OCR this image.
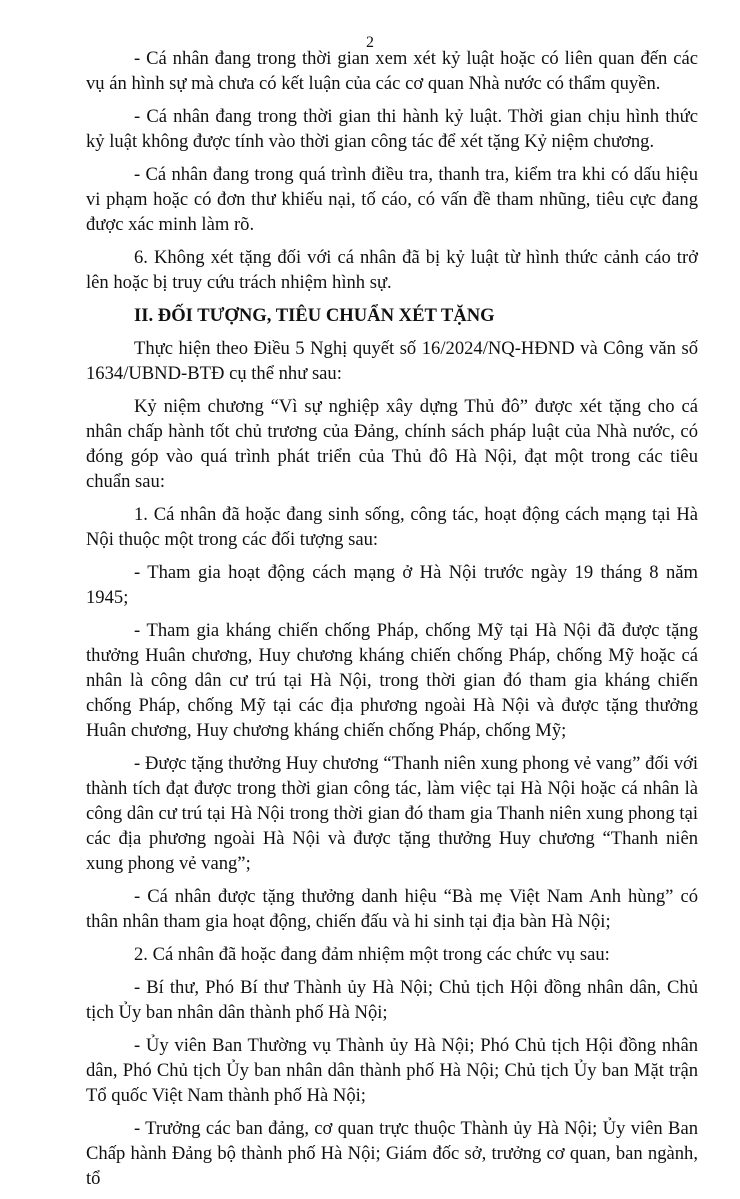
2

- Cá nhân đang trong thời gian xem xét kỷ luật hoặc có liên quan đến các vụ án hình sự mà chưa có kết luận của các cơ quan Nhà nước có thẩm quyền.

- Cá nhân đang trong thời gian thi hành kỷ luật. Thời gian chịu hình thức kỷ luật không được tính vào thời gian công tác để xét tặng Kỷ niệm chương.

- Cá nhân đang trong quá trình điều tra, thanh tra, kiểm tra khi có dấu hiệu vi phạm hoặc có đơn thư khiếu nại, tố cáo, có vấn đề tham nhũng, tiêu cực đang được xác minh làm rõ.

6. Không xét tặng đối với cá nhân đã bị kỷ luật từ hình thức cảnh cáo trở lên hoặc bị truy cứu trách nhiệm hình sự.

II. ĐỐI TƯỢNG, TIÊU CHUẨN XÉT TẶNG

Thực hiện theo Điều 5 Nghị quyết số 16/2024/NQ-HĐND và Công văn số 1634/UBND-BTĐ cụ thể như sau:

Kỷ niệm chương “Vì sự nghiệp xây dựng Thủ đô” được xét tặng cho cá nhân chấp hành tốt chủ trương của Đảng, chính sách pháp luật của Nhà nước, có đóng góp vào quá trình phát triển của Thủ đô Hà Nội, đạt một trong các tiêu chuẩn sau:

1. Cá nhân đã hoặc đang sinh sống, công tác, hoạt động cách mạng tại Hà Nội thuộc một trong các đối tượng sau:

- Tham gia hoạt động cách mạng ở Hà Nội trước ngày 19 tháng 8 năm 1945;

- Tham gia kháng chiến chống Pháp, chống Mỹ tại Hà Nội đã được tặng thưởng Huân chương, Huy chương kháng chiến chống Pháp, chống Mỹ hoặc cá nhân là công dân cư trú tại Hà Nội, trong thời gian đó tham gia kháng chiến chống Pháp, chống Mỹ tại các địa phương ngoài Hà Nội và được tặng thưởng Huân chương, Huy chương kháng chiến chống Pháp, chống Mỹ;

- Được tặng thưởng Huy chương “Thanh niên xung phong vẻ vang” đối với thành tích đạt được trong thời gian công tác, làm việc tại Hà Nội hoặc cá nhân là công dân cư trú tại Hà Nội trong thời gian đó tham gia Thanh niên xung phong tại các địa phương ngoài Hà Nội và được tặng thưởng Huy chương “Thanh niên xung phong vẻ vang”;

- Cá nhân được tặng thưởng danh hiệu “Bà mẹ Việt Nam Anh hùng” có thân nhân tham gia hoạt động, chiến đấu và hi sinh tại địa bàn Hà Nội;

2. Cá nhân đã hoặc đang đảm nhiệm một trong các chức vụ sau:

- Bí thư, Phó Bí thư Thành ủy Hà Nội; Chủ tịch Hội đồng nhân dân, Chủ tịch Ủy ban nhân dân thành phố Hà Nội;

- Ủy viên Ban Thường vụ Thành ủy Hà Nội; Phó Chủ tịch Hội đồng nhân dân, Phó Chủ tịch Ủy ban nhân dân thành phố Hà Nội; Chủ tịch Ủy ban Mặt trận Tổ quốc Việt Nam thành phố Hà Nội;

- Trưởng các ban đảng, cơ quan trực thuộc Thành ủy Hà Nội; Ủy viên Ban Chấp hành Đảng bộ thành phố Hà Nội; Giám đốc sở, trưởng cơ quan, ban ngành, tổ
